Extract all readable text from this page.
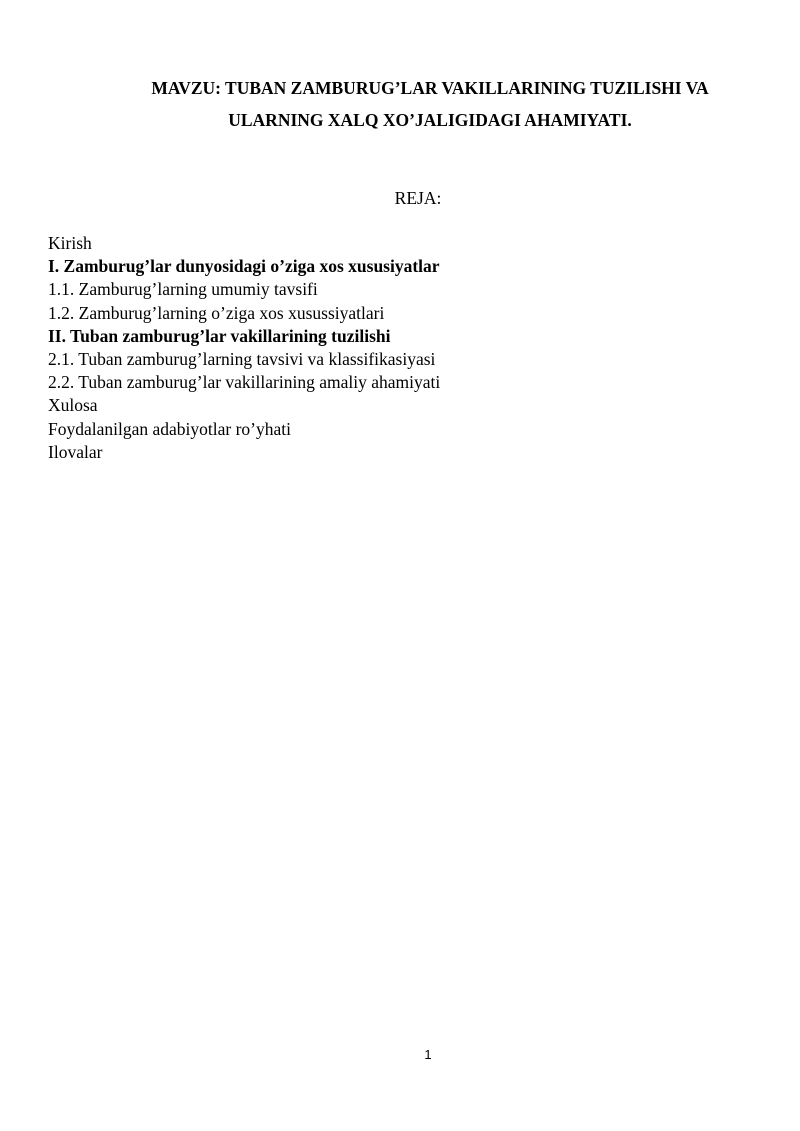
MAVZU: TUBAN ZAMBURUG’LAR VAKILLARINING TUZILISHI VA
ULARNING XALQ XO’JALIGIDAGI AHAMIYATI.
REJA:
Kirish
I. Zamburug’lar dunyosidagi o’ziga xos xususiyatlar
1.1. Zamburug’larning umumiy tavsifi
1.2. Zamburug’larning o’ziga xos xusussiyatlari
II. Tuban zamburug’lar vakillarining tuzilishi
2.1. Tuban zamburug’larning tavsivi va klassifikasiyasi
2.2. Tuban zamburug’lar vakillarining amaliy ahamiyati
Xulosa
Foydalanilgan adabiyotlar ro’yhati
Ilovalar
1
